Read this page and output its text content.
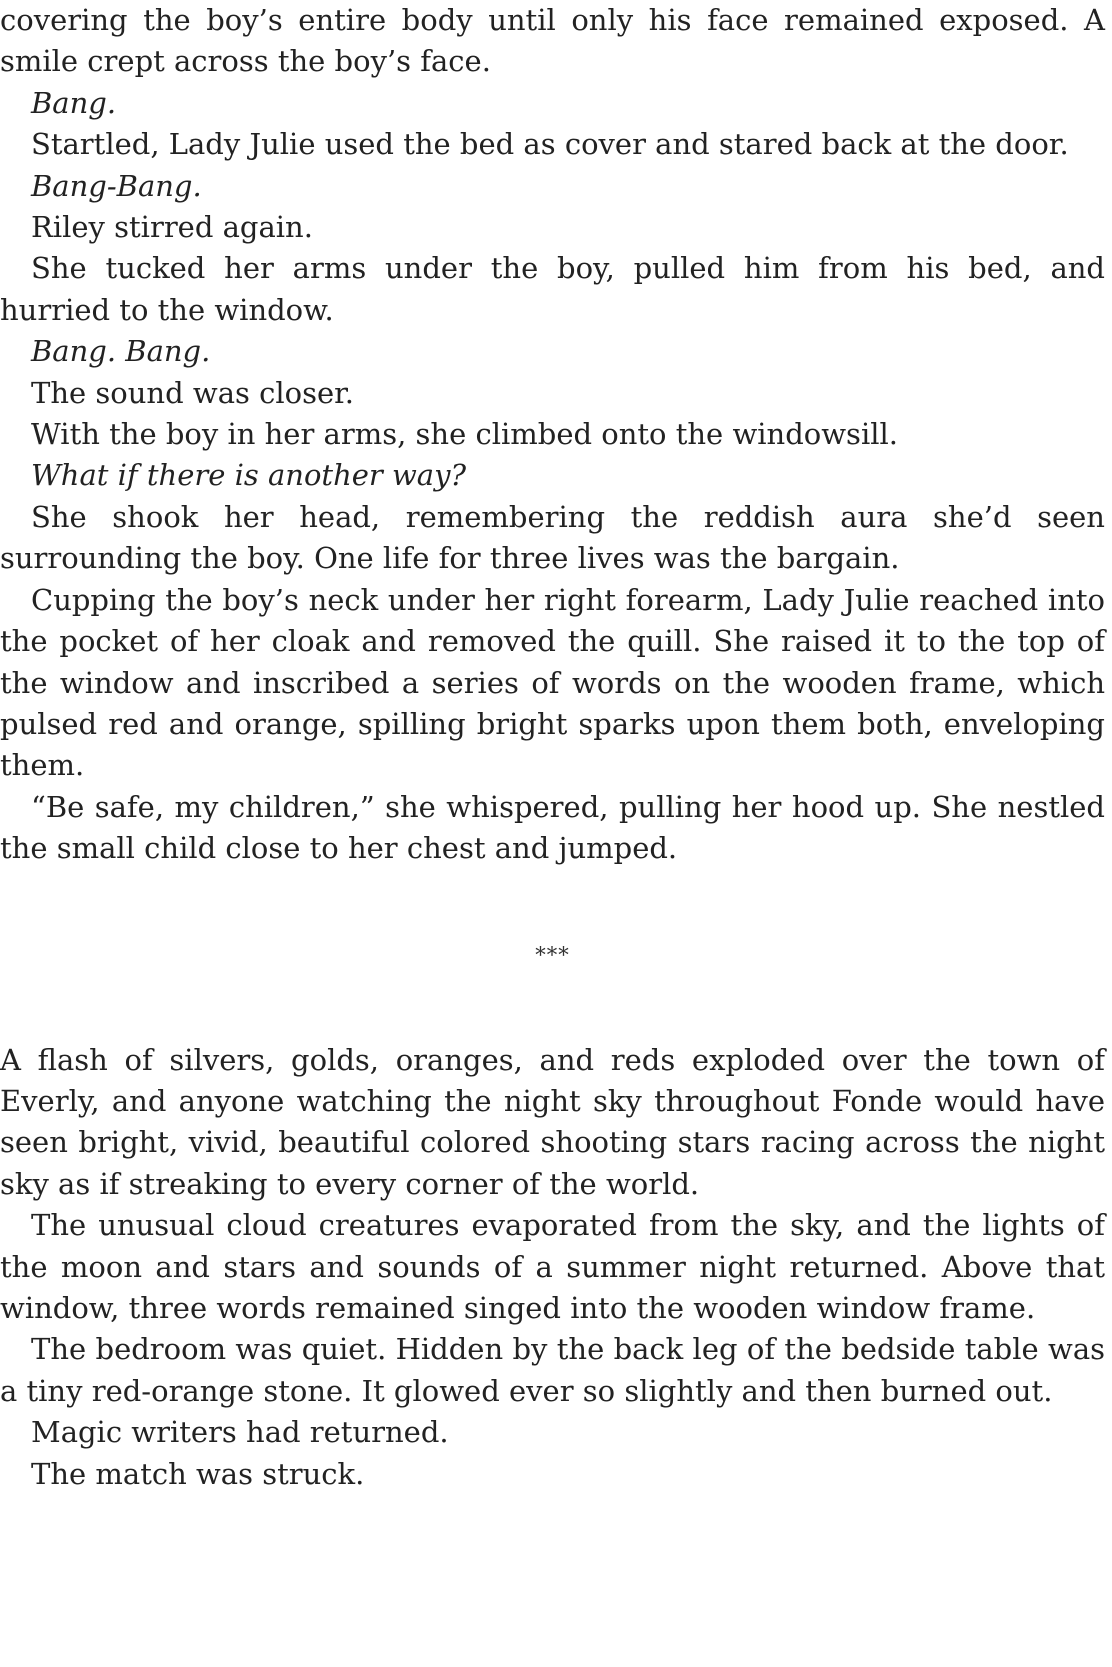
covering the boy’s entire body until only his face remained exposed. A smile crept across the boy’s face.

Bang.

Startled, Lady Julie used the bed as cover and stared back at the door.

Bang-Bang.

Riley stirred again.

She tucked her arms under the boy, pulled him from his bed, and hurried to the window.

Bang. Bang.

The sound was closer.

With the boy in her arms, she climbed onto the windowsill.

What if there is another way?

She shook her head, remembering the reddish aura she’d seen surrounding the boy. One life for three lives was the bargain.

Cupping the boy’s neck under her right forearm, Lady Julie reached into the pocket of her cloak and removed the quill. She raised it to the top of the window and inscribed a series of words on the wooden frame, which pulsed red and orange, spilling bright sparks upon them both, enveloping them.

“Be safe, my children,” she whispered, pulling her hood up. She nestled the small child close to her chest and jumped.

***

A flash of silvers, golds, oranges, and reds exploded over the town of Everly, and anyone watching the night sky throughout Fonde would have seen bright, vivid, beautiful colored shooting stars racing across the night sky as if streaking to every corner of the world.

The unusual cloud creatures evaporated from the sky, and the lights of the moon and stars and sounds of a summer night returned. Above that window, three words remained singed into the wooden window frame.

The bedroom was quiet. Hidden by the back leg of the bedside table was a tiny red-orange stone. It glowed ever so slightly and then burned out.

Magic writers had returned.

The match was struck.
